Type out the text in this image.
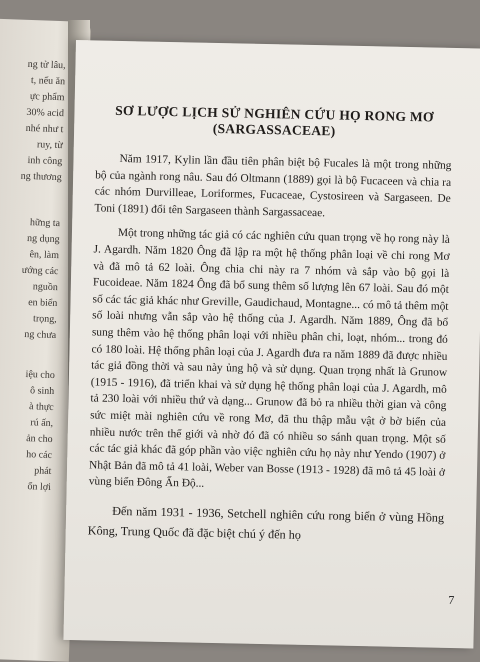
ng tử lâu,
t, nếu ăn
ực phẩm
30% acid
nhé như t
ruy, từ
inh công
ng thương
hững ta
ng dụng
ên, làm
ướng các
nguồn
en biển
trọng,
ng chưa
iệu cho
ô sinh
à thực
rú ấn,
ản cho
ho các
phát
ổn lợi

SƠ LƯỢC LỊCH SỬ NGHIÊN CỨU HỌ RONG MƠ

(SARGASSACEAE)

Năm 1917, Kylin lần đầu tiên phân biệt bộ Fucales là một trong những bộ của ngành rong nâu. Sau đó Oltmann (1889) gọi là bộ Fucaceen và chia ra các nhóm Durvilleae, Loriformes, Fucaceae, Cystosireen và Sargaseen. De Toni (1891) đổi tên Sargaseen thành Sargassaceae.

Một trong những tác giả có các nghiên cứu quan trọng về họ rong này là J. Agardh. Năm 1820 Ông đã lập ra một hệ thống phân loại về chi rong Mơ và đã mô tả 62 loài. Ông chia chi này ra 7 nhóm và sắp vào bộ gọi là Fucoideae. Năm 1824 Ông đã bổ sung thêm số lượng lên 67 loài. Sau đó một số các tác giả khác như Greville, Gaudichaud, Montagne... có mô tả thêm một số loài nhưng vẫn sắp vào hệ thống của J. Agardh. Năm 1889, Ông đã bổ sung thêm vào hệ thống phân loại với nhiều phân chi, loạt, nhóm... trong đó có 180 loài. Hệ thống phân loại của J. Agardh đưa ra năm 1889 đã được nhiều tác giả đồng thời và sau này ủng hộ và sử dụng. Quan trọng nhất là Grunow (1915 - 1916), đã triển khai và sử dụng hệ thống phân loại của J. Agardh, mô tả 230 loài với nhiều thứ và dạng... Grunow đã bỏ ra nhiều thời gian và công sức miệt mài nghiên cứu về rong Mơ, đã thu thập mẫu vật ở bờ biển của nhiều nước trên thế giới và nhờ đó đã có nhiều so sánh quan trọng. Một số các tác giả khác đã góp phần vào việc nghiên cứu họ này như Yendo (1907) ở Nhật Bản đã mô tả 41 loài, Weber van Bosse (1913 - 1928) đã mô tả 45 loài ở vùng biển Đông Ấn Độ...

Đến năm 1931 - 1936, Setchell nghiên cứu rong biển ở vùng Hồng Kông, Trung Quốc đã đặc biệt chú ý đến họ

7
